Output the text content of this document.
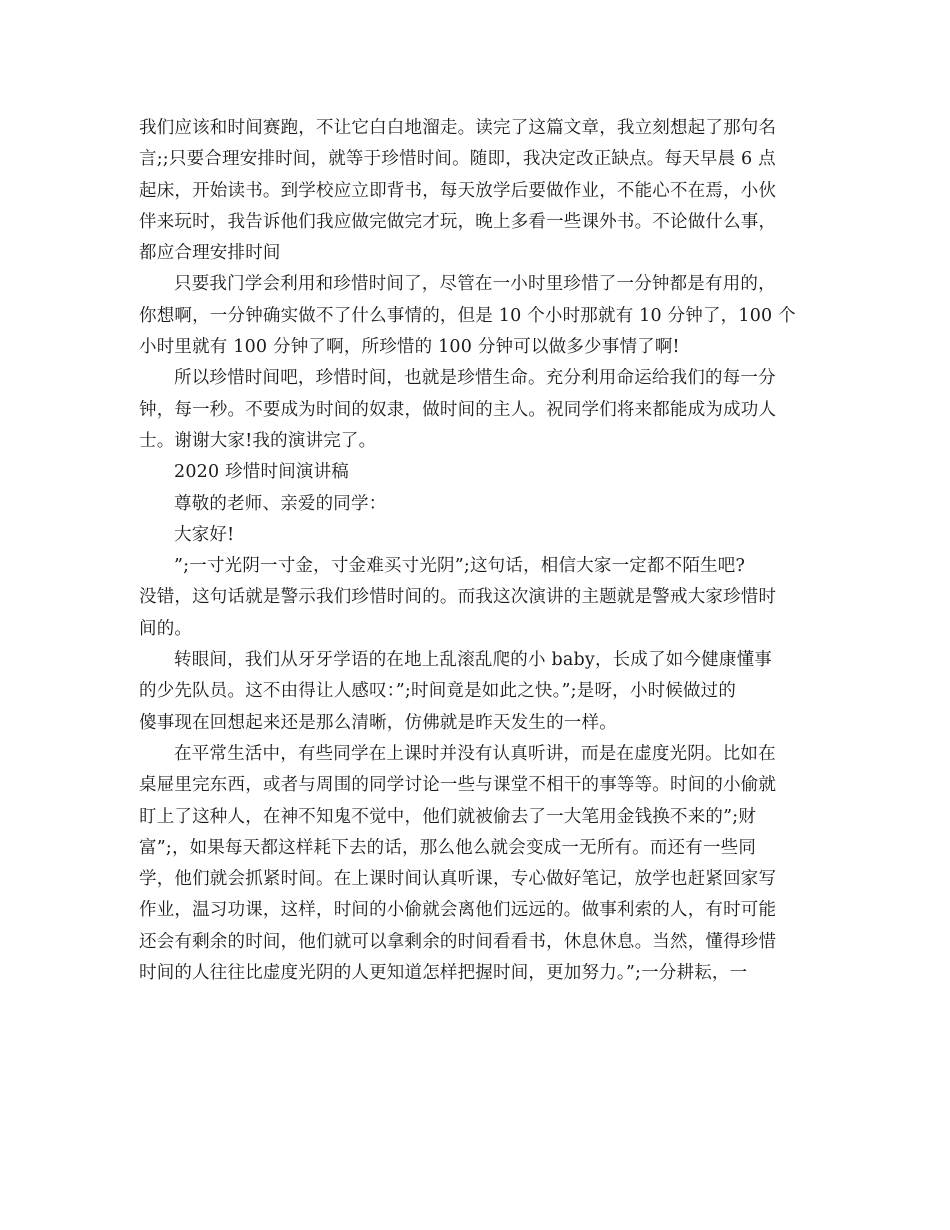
我们应该和时间赛跑，不让它白白地溜走。读完了这篇文章，我立刻想起了那句名
言;;只要合理安排时间，就等于珍惜时间。随即，我决定改正缺点。每天早晨 6 点
起床，开始读书。到学校应立即背书，每天放学后要做作业，不能心不在焉，小伙
伴来玩时，我告诉他们我应做完做完才玩，晚上多看一些课外书。不论做什么事，
都应合理安排时间

只要我门学会利用和珍惜时间了，尽管在一小时里珍惜了一分钟都是有用的，
你想啊，一分钟确实做不了什么事情的，但是 10 个小时那就有 10 分钟了，100 个
小时里就有 100 分钟了啊，所珍惜的 100 分钟可以做多少事情了啊!

所以珍惜时间吧，珍惜时间，也就是珍惜生命。充分利用命运给我们的每一分
钟，每一秒。不要成为时间的奴隶，做时间的主人。祝同学们将来都能成为成功人
士。谢谢大家!我的演讲完了。

2020 珍惜时间演讲稿

尊敬的老师、亲爱的同学：

大家好!

”;一寸光阴一寸金，寸金难买寸光阴”;这句话，相信大家一定都不陌生吧?
没错，这句话就是警示我们珍惜时间的。而我这次演讲的主题就是警戒大家珍惜时
间的。

转眼间，我们从牙牙学语的在地上乱滚乱爬的小 baby，长成了如今健康懂事
的少先队员。这不由得让人感叹：”;时间竟是如此之快。”;是呀，小时候做过的
傻事现在回想起来还是那么清晰，仿佛就是昨天发生的一样。

在平常生活中，有些同学在上课时并没有认真听讲，而是在虚度光阴。比如在
桌屉里完东西，或者与周围的同学讨论一些与课堂不相干的事等等。时间的小偷就
盯上了这种人，在神不知鬼不觉中，他们就被偷去了一大笔用金钱换不来的”;财
富”;，如果每天都这样耗下去的话，那么他么就会变成一无所有。而还有一些同
学，他们就会抓紧时间。在上课时间认真听课，专心做好笔记，放学也赶紧回家写
作业，温习功课，这样，时间的小偷就会离他们远远的。做事利索的人，有时可能
还会有剩余的时间，他们就可以拿剩余的时间看看书，休息休息。当然，懂得珍惜
时间的人往往比虚度光阴的人更知道怎样把握时间，更加努力。”;一分耕耘，一
